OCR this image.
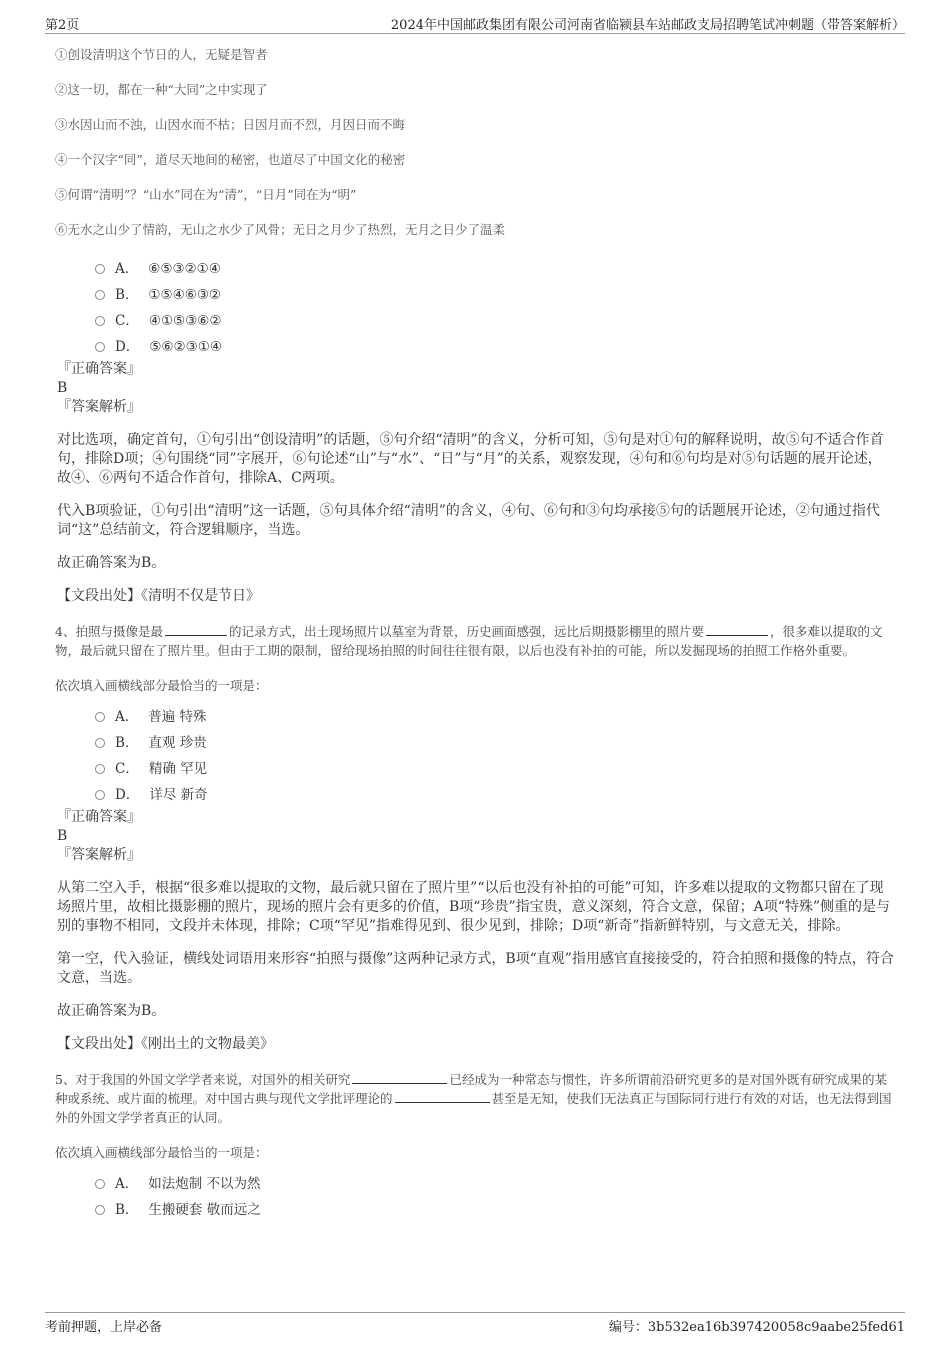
第2页	2024年中国邮政集团有限公司河南省临颍县车站邮政支局招聘笔试冲刺题（带答案解析）
①创设清明这个节日的人，无疑是智者
②这一切，都在一种“大同”之中实现了
③水因山而不浊，山因水而不枯；日因月而不烈，月因日而不晦
④一个汉字“同”，道尽天地间的秘密，也道尽了中国文化的秘密
⑤何谓“清明”？“山水”同在为“清”，“日月”同在为“明”
⑥无水之山少了情韵，无山之水少了风骨；无日之月少了热烈，无月之日少了温柔
A． ⑥⑤③②①④
B． ①⑤④⑥③②
C． ④①⑤③⑥②
D． ⑤⑥②③①④
『正确答案』
B
『答案解析』
对比选项，确定首句，①句引出“创设清明”的话题，⑤句介绍“清明”的含义，分析可知，⑤句是对①句的解释说明，故⑤句不适合作首句，排除D项；④句围绕“同”字展开，⑥句论述“山”与“水”、“日”与“月”的关系，观察发现，④句和⑥句均是对⑤句话题的展开论述，故④、⑥两句不适合作首句，排除A、C两项。
代入B项验证，①句引出“清明”这一话题，⑤句具体介绍“清明”的含义，④句、⑥句和③句均承接⑤句的话题展开论述，②句通过指代词“这”总结前文，符合逻辑顺序，当选。
故正确答案为B。
【文段出处】《清明不仅是节日》
4、拍照与摄像是最	的记录方式，出土现场照片以墓室为背景，历史画面感强，远比后期摄影棚里的照片要	，很多难以提取的文物，最后就只留在了照片里。但由于工期的限制，留给现场拍照的时间往往很有限，以后也没有补拍的可能，所以发掘现场的拍照工作格外重要。
依次填入画横线部分最恰当的一项是：
A． 普遍 特殊
B． 直观 珍贵
C． 精确 罕见
D． 详尽 新奇
『正确答案』
B
『答案解析』
从第二空入手，根据“很多难以提取的文物，最后就只留在了照片里”“以后也没有补拍的可能”可知，许多难以提取的文物都只留在了现场照片里，故相比摄影棚的照片，现场的照片会有更多的价值，B项“珍贵”指宝贵，意义深刻，符合文意，保留；A项“特殊”侧重的是与别的事物不相同，文段并未体现，排除；C项“罕见”指难得见到、很少见到，排除；D项“新奇”指新鲜特别，与文意无关，排除。
第一空，代入验证，横线处词语用来形容“拍照与摄像”这两种记录方式，B项“直观”指用感官直接接受的，符合拍照和摄像的特点，符合文意，当选。
故正确答案为B。
【文段出处】《刚出土的文物最美》
5、对于我国的外国文学学者来说，对国外的相关研究	已经成为一种常态与惯性，许多所谓前沿研究更多的是对国外既有研究成果的某种或系统、或片面的梳理。对中国古典与现代文学批评理论的	甚至是无知，使我们无法真正与国际同行进行有效的对话，也无法得到国外的外国文学学者真正的认同。
依次填入画横线部分最恰当的一项是：
A． 如法炮制 不以为然
B． 生搬硬套 敬而远之
考前押题，上岸必备	编号：3b532ea16b397420058c9aabe25fed61
